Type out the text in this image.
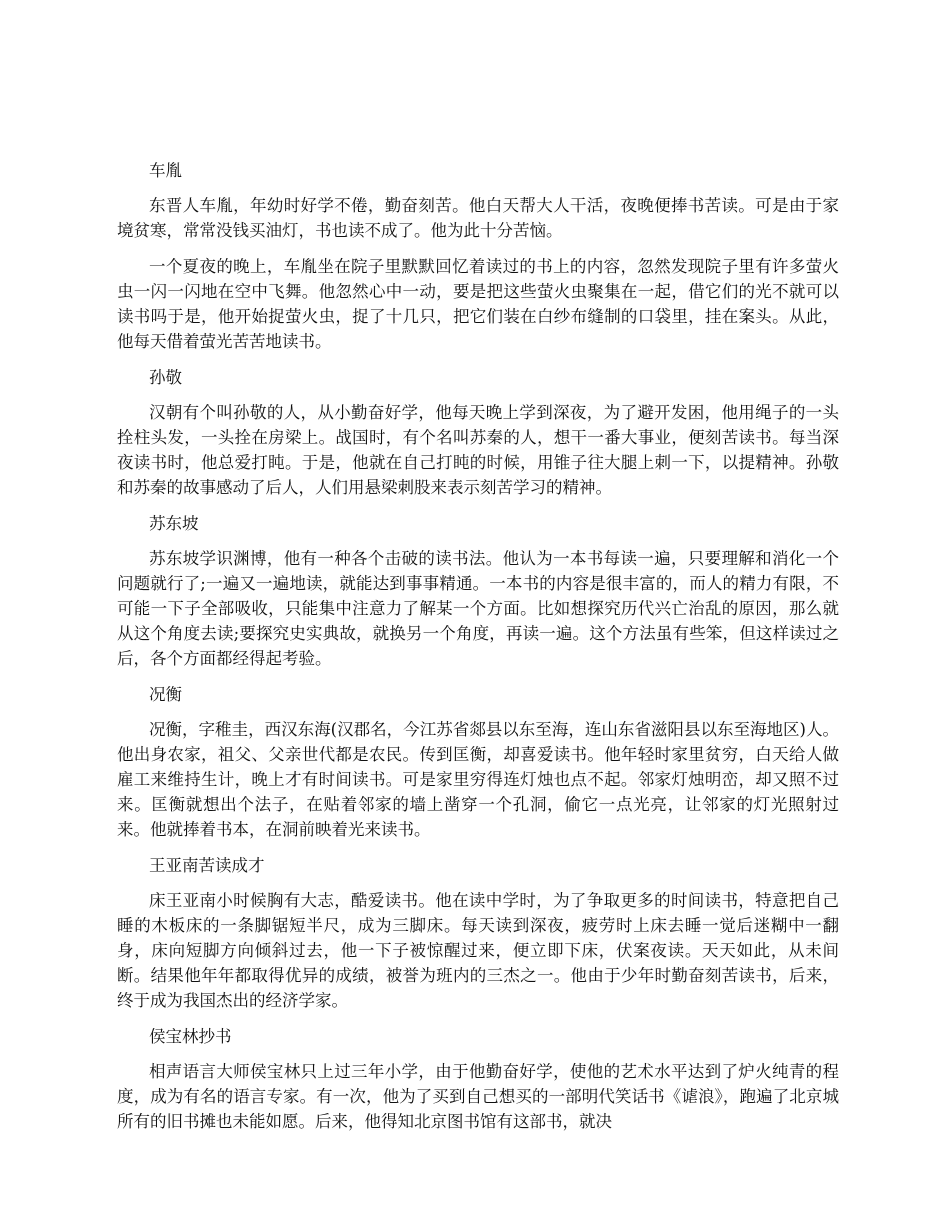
车胤

东晋人车胤，年幼时好学不倦，勤奋刻苦。他白天帮大人干活，夜晚便捧书苦读。可是由于家境贫寒，常常没钱买油灯，书也读不成了。他为此十分苦恼。

一个夏夜的晚上，车胤坐在院子里默默回忆着读过的书上的内容，忽然发现院子里有许多萤火虫一闪一闪地在空中飞舞。他忽然心中一动，要是把这些萤火虫聚集在一起，借它们的光不就可以读书吗于是，他开始捉萤火虫，捉了十几只，把它们装在白纱布缝制的口袋里，挂在案头。从此，他每天借着萤光苦苦地读书。

孙敬

汉朝有个叫孙敬的人，从小勤奋好学，他每天晚上学到深夜，为了避开发困，他用绳子的一头拴柱头发，一头拴在房梁上。战国时，有个名叫苏秦的人，想干一番大事业，便刻苦读书。每当深夜读书时，他总爱打盹。于是，他就在自己打盹的时候，用锥子往大腿上刺一下，以提精神。孙敬和苏秦的故事感动了后人，人们用悬梁刺股来表示刻苦学习的精神。

苏东坡

苏东坡学识渊博，他有一种各个击破的读书法。他认为一本书每读一遍，只要理解和消化一个问题就行了;一遍又一遍地读，就能达到事事精通。一本书的内容是很丰富的，而人的精力有限，不可能一下子全部吸收，只能集中注意力了解某一个方面。比如想探究历代兴亡治乱的原因，那么就从这个角度去读;要探究史实典故，就换另一个角度，再读一遍。这个方法虽有些笨，但这样读过之后，各个方面都经得起考验。

况衡

况衡，字稚圭，西汉东海(汉郡名，今江苏省郯县以东至海，连山东省滋阳县以东至海地区)人。他出身农家，祖父、父亲世代都是农民。传到匡衡，却喜爱读书。他年轻时家里贫穷，白天给人做雇工来维持生计，晚上才有时间读书。可是家里穷得连灯烛也点不起。邻家灯烛明峦，却又照不过来。匡衡就想出个法子，在贴着邻家的墙上凿穿一个孔洞，偷它一点光亮，让邻家的灯光照射过来。他就捧着书本，在洞前映着光来读书。

王亚南苦读成才

床王亚南小时候胸有大志，酷爱读书。他在读中学时，为了争取更多的时间读书，特意把自己睡的木板床的一条脚锯短半尺，成为三脚床。每天读到深夜，疲劳时上床去睡一觉后迷糊中一翻身，床向短脚方向倾斜过去，他一下子被惊醒过来，便立即下床，伏案夜读。天天如此，从未间断。结果他年年都取得优异的成绩，被誉为班内的三杰之一。他由于少年时勤奋刻苦读书，后来，终于成为我国杰出的经济学家。

侯宝林抄书

相声语言大师侯宝林只上过三年小学，由于他勤奋好学，使他的艺术水平达到了炉火纯青的程度，成为有名的语言专家。有一次，他为了买到自己想买的一部明代笑话书《谑浪》，跑遍了北京城所有的旧书摊也未能如愿。后来，他得知北京图书馆有这部书，就决
